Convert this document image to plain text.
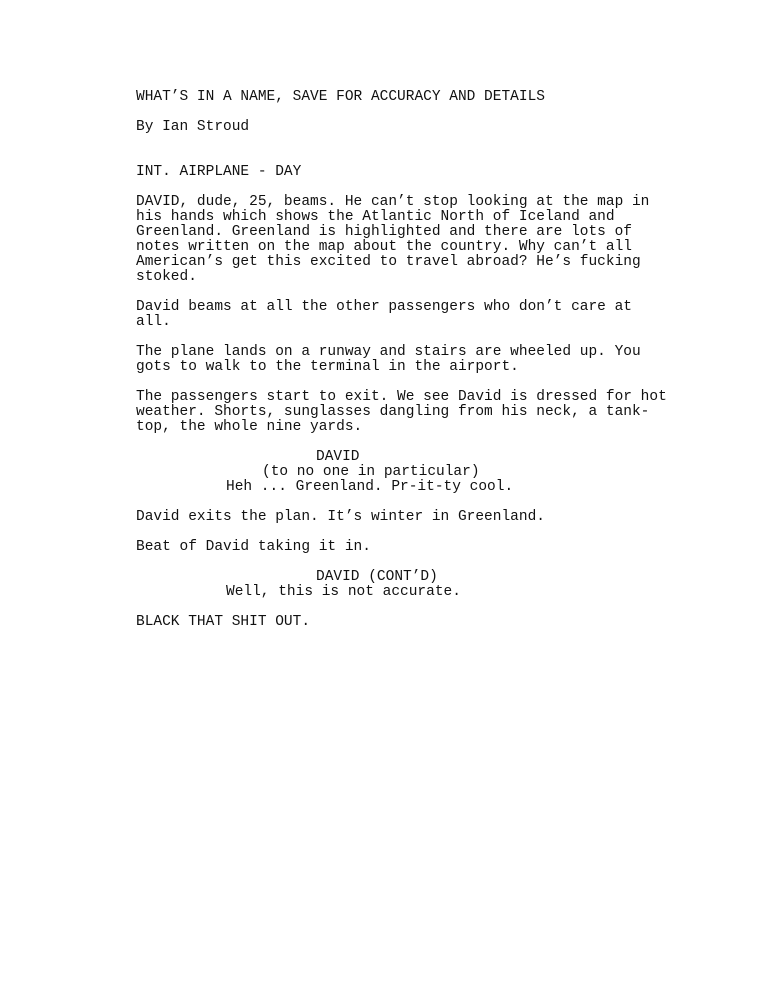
WHAT’S IN A NAME, SAVE FOR ACCURACY AND DETAILS
By Ian Stroud
INT. AIRPLANE - DAY
DAVID, dude, 25, beams. He can’t stop looking at the map in
his hands which shows the Atlantic North of Iceland and
Greenland. Greenland is highlighted and there are lots of
notes written on the map about the country. Why can’t all
American’s get this excited to travel abroad? He’s fucking
stoked.
David beams at all the other passengers who don’t care at
all.
The plane lands on a runway and stairs are wheeled up. You
gots to walk to the terminal in the airport.
The passengers start to exit. We see David is dressed for hot
weather. Shorts, sunglasses dangling from his neck, a tank-
top, the whole nine yards.
DAVID
(to no one in particular)
Heh ... Greenland. Pr-it-ty cool.
David exits the plan. It’s winter in Greenland.
Beat of David taking it in.
DAVID (CONT’D)
Well, this is not accurate.
BLACK THAT SHIT OUT.
